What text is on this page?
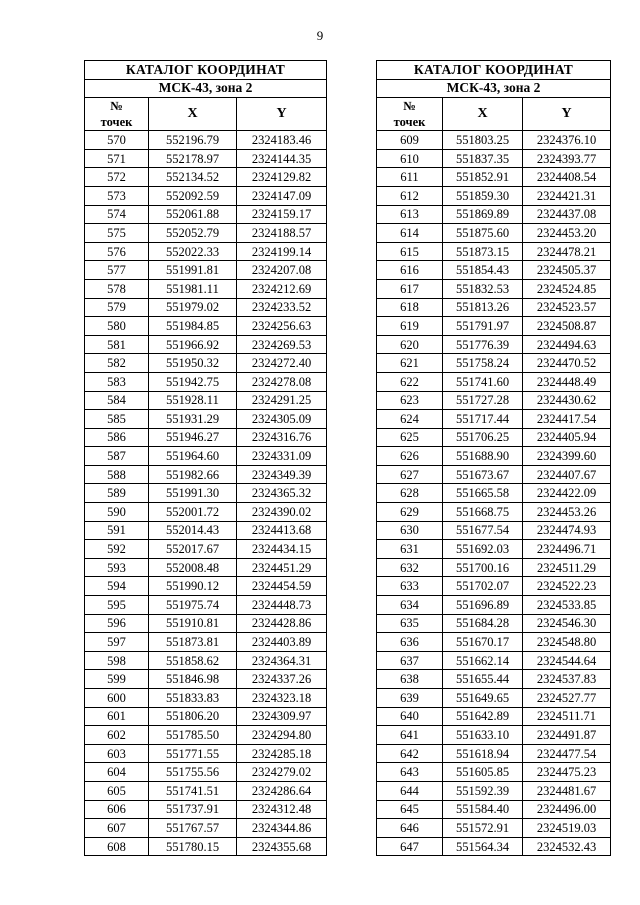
9
КАТАЛОГ КООРДИНАТ		
МСК-43, зона 2		
№
точек	X	Y
570	552196.79	2324183.46
571	552178.97	2324144.35
572	552134.52	2324129.82
573	552092.59	2324147.09
574	552061.88	2324159.17
575	552052.79	2324188.57
576	552022.33	2324199.14
577	551991.81	2324207.08
578	551981.11	2324212.69
579	551979.02	2324233.52
580	551984.85	2324256.63
581	551966.92	2324269.53
582	551950.32	2324272.40
583	551942.75	2324278.08
584	551928.11	2324291.25
585	551931.29	2324305.09
586	551946.27	2324316.76
587	551964.60	2324331.09
588	551982.66	2324349.39
589	551991.30	2324365.32
590	552001.72	2324390.02
591	552014.43	2324413.68
592	552017.67	2324434.15
593	552008.48	2324451.29
594	551990.12	2324454.59
595	551975.74	2324448.73
596	551910.81	2324428.86
597	551873.81	2324403.89
598	551858.62	2324364.31
599	551846.98	2324337.26
600	551833.83	2324323.18
601	551806.20	2324309.97
602	551785.50	2324294.80
603	551771.55	2324285.18
604	551755.56	2324279.02
605	551741.51	2324286.64
606	551737.91	2324312.48
607	551767.57	2324344.86
608	551780.15	2324355.68
КАТАЛОГ КООРДИНАТ		
МСК-43, зона 2		
№
точек	X	Y
609	551803.25	2324376.10
610	551837.35	2324393.77
611	551852.91	2324408.54
612	551859.30	2324421.31
613	551869.89	2324437.08
614	551875.60	2324453.20
615	551873.15	2324478.21
616	551854.43	2324505.37
617	551832.53	2324524.85
618	551813.26	2324523.57
619	551791.97	2324508.87
620	551776.39	2324494.63
621	551758.24	2324470.52
622	551741.60	2324448.49
623	551727.28	2324430.62
624	551717.44	2324417.54
625	551706.25	2324405.94
626	551688.90	2324399.60
627	551673.67	2324407.67
628	551665.58	2324422.09
629	551668.75	2324453.26
630	551677.54	2324474.93
631	551692.03	2324496.71
632	551700.16	2324511.29
633	551702.07	2324522.23
634	551696.89	2324533.85
635	551684.28	2324546.30
636	551670.17	2324548.80
637	551662.14	2324544.64
638	551655.44	2324537.83
639	551649.65	2324527.77
640	551642.89	2324511.71
641	551633.10	2324491.87
642	551618.94	2324477.54
643	551605.85	2324475.23
644	551592.39	2324481.67
645	551584.40	2324496.00
646	551572.91	2324519.03
647	551564.34	2324532.43
